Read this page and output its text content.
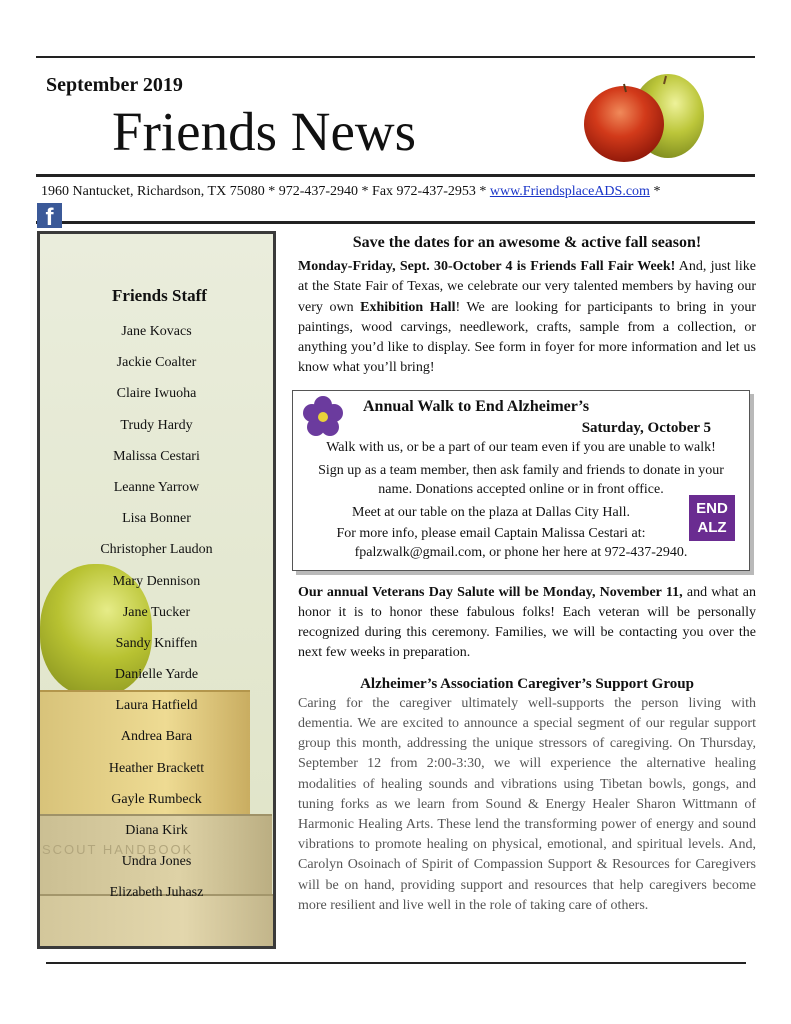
September 2019
Friends News
1960 Nantucket, Richardson, TX 75080 * 972-437-2940 * Fax 972-437-2953 * www.FriendsplaceADS.com *
f
SCOUT HANDBOOK
Friends Staff
Jane Kovacs
Jackie Coalter
Claire Iwuoha
Trudy Hardy
Malissa Cestari
Leanne Yarrow
Lisa Bonner
Christopher Laudon
Mary Dennison
Jane Tucker
Sandy Kniffen
Danielle Yarde
Laura Hatfield
Andrea Bara
Heather Brackett
Gayle Rumbeck
Diana Kirk
Undra Jones
Elizabeth Juhasz
Save the dates for an awesome & active fall season!

Monday-Friday, Sept. 30-October 4 is Friends Fall Fair Week! And, just like at the State Fair of Texas, we celebrate our very talented members by having our very own Exhibition Hall! We are looking for participants to bring in your paintings, wood carvings, needlework, crafts, sample from a collection, or anything you’d like to display. See form in foyer for more information and let us know what you’ll bring!

Annual Walk to End Alzheimer’s
Saturday, October 5
Walk with us, or be a part of our team even if you are unable to walk!
Sign up as a team member, then ask family and friends to donate in your name. Donations accepted online or in front office.
Meet at our table on the plaza at Dallas City Hall.
For more info, please email Captain Malissa Cestari at:
fpalzwalk@gmail.com, or phone her here at 972-437-2940.
END
ALZ

Our annual Veterans Day Salute will be Monday, November 11, and what an honor it is to honor these fabulous folks! Each veteran will be personally recognized during this ceremony. Families, we will be contacting you over the next few weeks in preparation.

Alzheimer’s Association Caregiver’s Support Group

Caring for the caregiver ultimately well-supports the person living with dementia. We are excited to announce a special segment of our regular support group this month, addressing the unique stressors of caregiving. On Thursday, September 12 from 2:00-3:30, we will experience the alternative healing modalities of healing sounds and vibrations using Tibetan bowls, gongs, and tuning forks as we learn from Sound & Energy Healer Sharon Wittmann of Harmonic Healing Arts. These lend the transforming power of energy and sound vibrations to promote healing on physical, emotional, and spiritual levels. And, Carolyn Osoinach of Spirit of Compassion Support & Resources for Caregivers will be on hand, providing support and resources that help caregivers become more resilient and live well in the role of taking care of others.
